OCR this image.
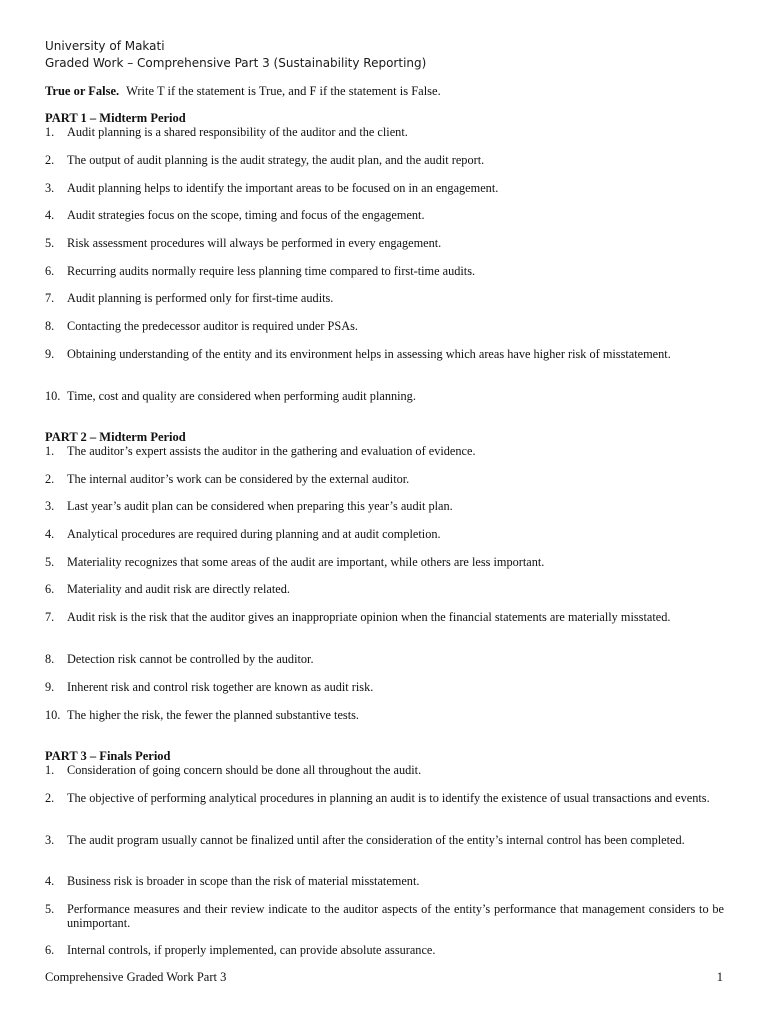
University of Makati
Graded Work – Comprehensive Part 3 (Sustainability Reporting)
True or False. Write T if the statement is True, and F if the statement is False.
PART 1 – Midterm Period
1. Audit planning is a shared responsibility of the auditor and the client.
2. The output of audit planning is the audit strategy, the audit plan, and the audit report.
3. Audit planning helps to identify the important areas to be focused on in an engagement.
4. Audit strategies focus on the scope, timing and focus of the engagement.
5. Risk assessment procedures will always be performed in every engagement.
6. Recurring audits normally require less planning time compared to first-time audits.
7. Audit planning is performed only for first-time audits.
8. Contacting the predecessor auditor is required under PSAs.
9. Obtaining understanding of the entity and its environment helps in assessing which areas have higher risk of misstatement.
10. Time, cost and quality are considered when performing audit planning.
PART 2 – Midterm Period
1. The auditor’s expert assists the auditor in the gathering and evaluation of evidence.
2. The internal auditor’s work can be considered by the external auditor.
3. Last year’s audit plan can be considered when preparing this year’s audit plan.
4. Analytical procedures are required during planning and at audit completion.
5. Materiality recognizes that some areas of the audit are important, while others are less important.
6. Materiality and audit risk are directly related.
7. Audit risk is the risk that the auditor gives an inappropriate opinion when the financial statements are materially misstated.
8. Detection risk cannot be controlled by the auditor.
9. Inherent risk and control risk together are known as audit risk.
10. The higher the risk, the fewer the planned substantive tests.
PART 3 – Finals Period
1. Consideration of going concern should be done all throughout the audit.
2. The objective of performing analytical procedures in planning an audit is to identify the existence of usual transactions and events.
3. The audit program usually cannot be finalized until after the consideration of the entity’s internal control has been completed.
4. Business risk is broader in scope than the risk of material misstatement.
5. Performance measures and their review indicate to the auditor aspects of the entity’s performance that management considers to be unimportant.
6. Internal controls, if properly implemented, can provide absolute assurance.
Comprehensive Graded Work Part 3	1
